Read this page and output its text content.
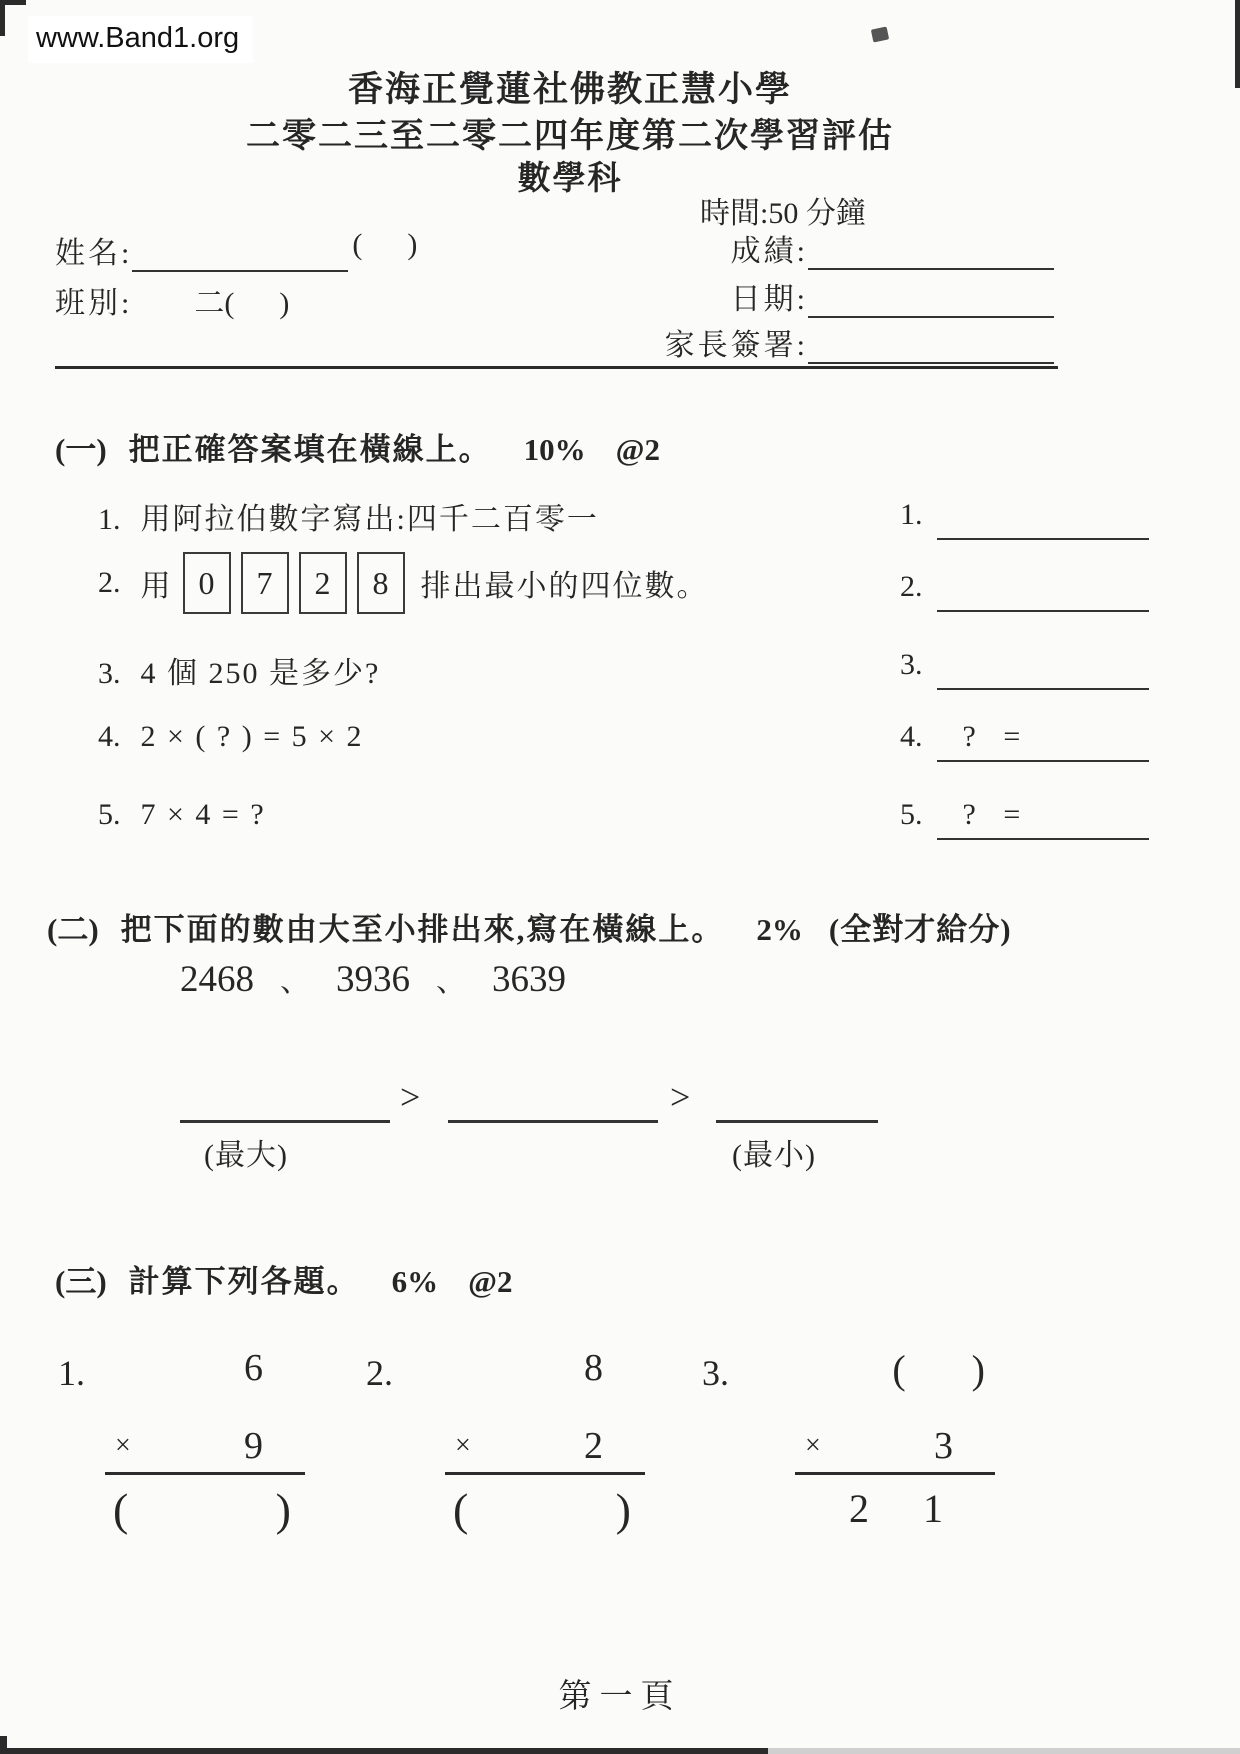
www.Band1.org
香海正覺蓮社佛教正慧小學
二零二三至二零二四年度第二次學習評估
數學科
時間:50 分鐘
姓名:	(      )
班別: 二(      )
成績:
日期:
家長簽署:
(一) 把正確答案填在橫線上。 10% @2
1. 用阿拉伯數字寫出:四千二百零一
2. 用 0	7	2	8	排出最小的四位數。
3. 4 個 250 是多少?
4. 2 × ( ? ) = 5 × 2
5. 7 × 4 = ?
1.
2.
3.
4.	? =
5.	? =
(二) 把下面的數由大至小排出來,寫在橫線上。 2% (全對才給分)
2468 、 3936 、 3639
>	>
(最大)	(最小)
(三) 計算下列各題。 6% @2
1.	6
×	9
(	)
2.	8
×	2
(	)
3.	( )
×	3
2 1
第一頁
